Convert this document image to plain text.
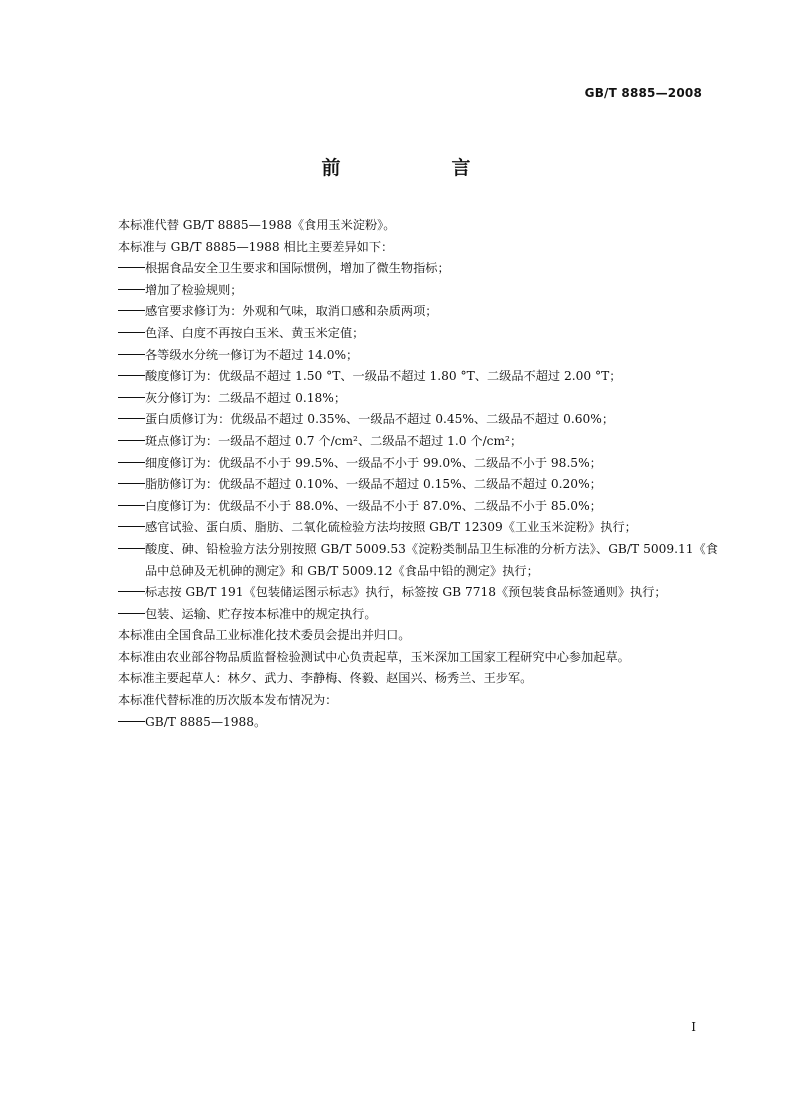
GB/T 8885—2008
前　言

本标准代替 GB/T 8885—1988《食用玉米淀粉》。

本标准与 GB/T 8885—1988 相比主要差异如下：

根据食品安全卫生要求和国际惯例，增加了微生物指标；
增加了检验规则；
感官要求修订为：外观和气味，取消口感和杂质两项；
色泽、白度不再按白玉米、黄玉米定值；
各等级水分统一修订为不超过 14.0%；
酸度修订为：优级品不超过 1.50 °T、一级品不超过 1.80 °T、二级品不超过 2.00 °T；
灰分修订为：二级品不超过 0.18%；
蛋白质修订为：优级品不超过 0.35%、一级品不超过 0.45%、二级品不超过 0.60%；
斑点修订为：一级品不超过 0.7 个/cm²、二级品不超过 1.0 个/cm²；
细度修订为：优级品不小于 99.5%、一级品不小于 99.0%、二级品不小于 98.5%；
脂肪修订为：优级品不超过 0.10%、一级品不超过 0.15%、二级品不超过 0.20%；
白度修订为：优级品不小于 88.0%、一级品不小于 87.0%、二级品不小于 85.0%；
感官试验、蛋白质、脂肪、二氧化硫检验方法均按照 GB/T 12309《工业玉米淀粉》执行；
酸度、砷、铅检验方法分别按照 GB/T 5009.53《淀粉类制品卫生标准的分析方法》、GB/T 5009.11《食品中总砷及无机砷的测定》和 GB/T 5009.12《食品中铅的测定》执行；
标志按 GB/T 191《包装储运图示标志》执行，标签按 GB 7718《预包装食品标签通则》执行；
包装、运输、贮存按本标准中的规定执行。

本标准由全国食品工业标准化技术委员会提出并归口。

本标准由农业部谷物品质监督检验测试中心负责起草，玉米深加工国家工程研究中心参加起草。

本标准主要起草人：林夕、武力、李静梅、佟毅、赵国兴、杨秀兰、王步军。

本标准代替标准的历次版本发布情况为：

GB/T 8885—1988。
I
